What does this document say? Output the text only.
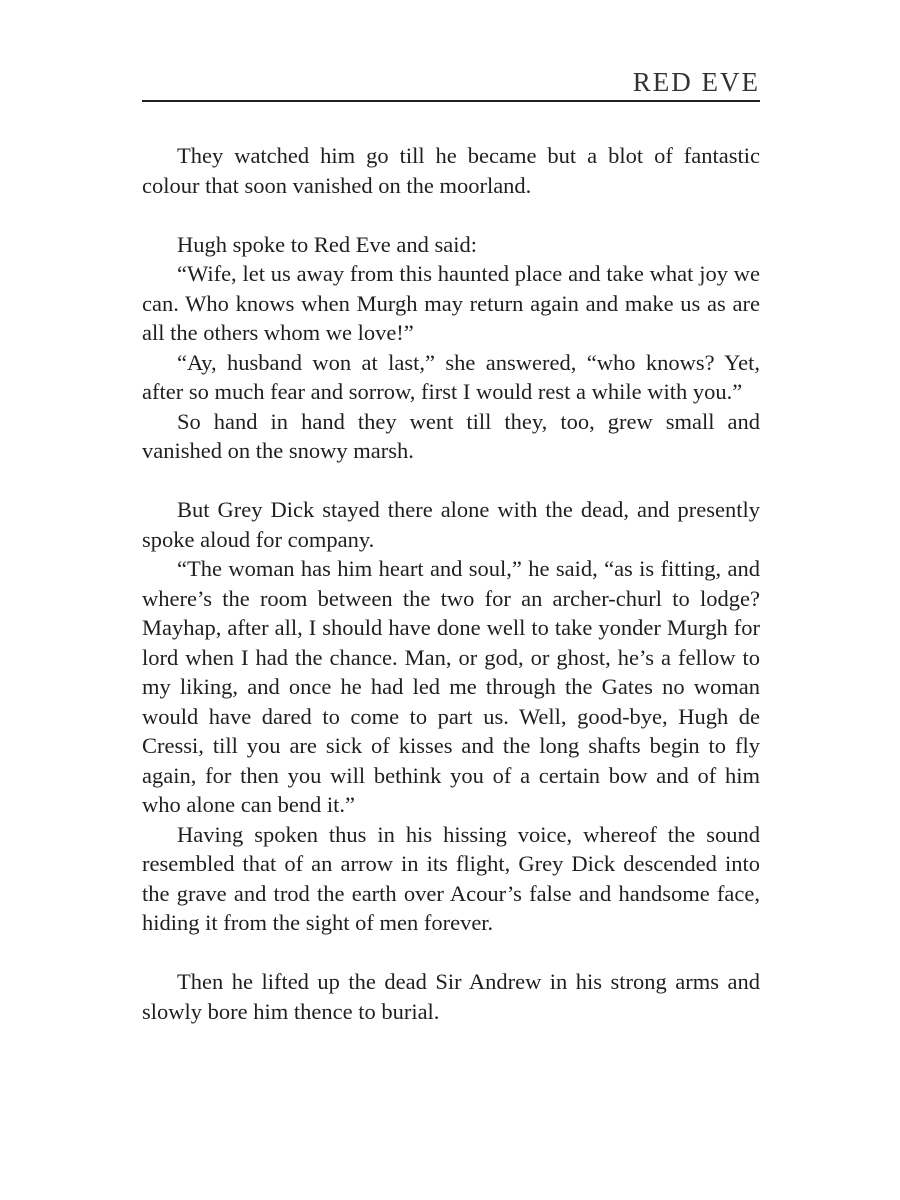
RED EVE

They watched him go till he became but a blot of fantastic colour that soon vanished on the moorland.

Hugh spoke to Red Eve and said:

“Wife, let us away from this haunted place and take what joy we can. Who knows when Murgh may return again and make us as are all the others whom we love!”

“Ay, husband won at last,” she answered, “who knows? Yet, after so much fear and sorrow, first I would rest a while with you.”

So hand in hand they went till they, too, grew small and vanished on the snowy marsh.

But Grey Dick stayed there alone with the dead, and presently spoke aloud for company.

“The woman has him heart and soul,” he said, “as is fitting, and where’s the room between the two for an archer-churl to lodge? Mayhap, after all, I should have done well to take yonder Murgh for lord when I had the chance. Man, or god, or ghost, he’s a fellow to my liking, and once he had led me through the Gates no woman would have dared to come to part us. Well, good-bye, Hugh de Cressi, till you are sick of kisses and the long shafts begin to fly again, for then you will bethink you of a certain bow and of him who alone can bend it.”

Having spoken thus in his hissing voice, whereof the sound resembled that of an arrow in its flight, Grey Dick descended into the grave and trod the earth over Acour’s false and handsome face, hiding it from the sight of men forever.

Then he lifted up the dead Sir Andrew in his strong arms and slowly bore him thence to burial.
